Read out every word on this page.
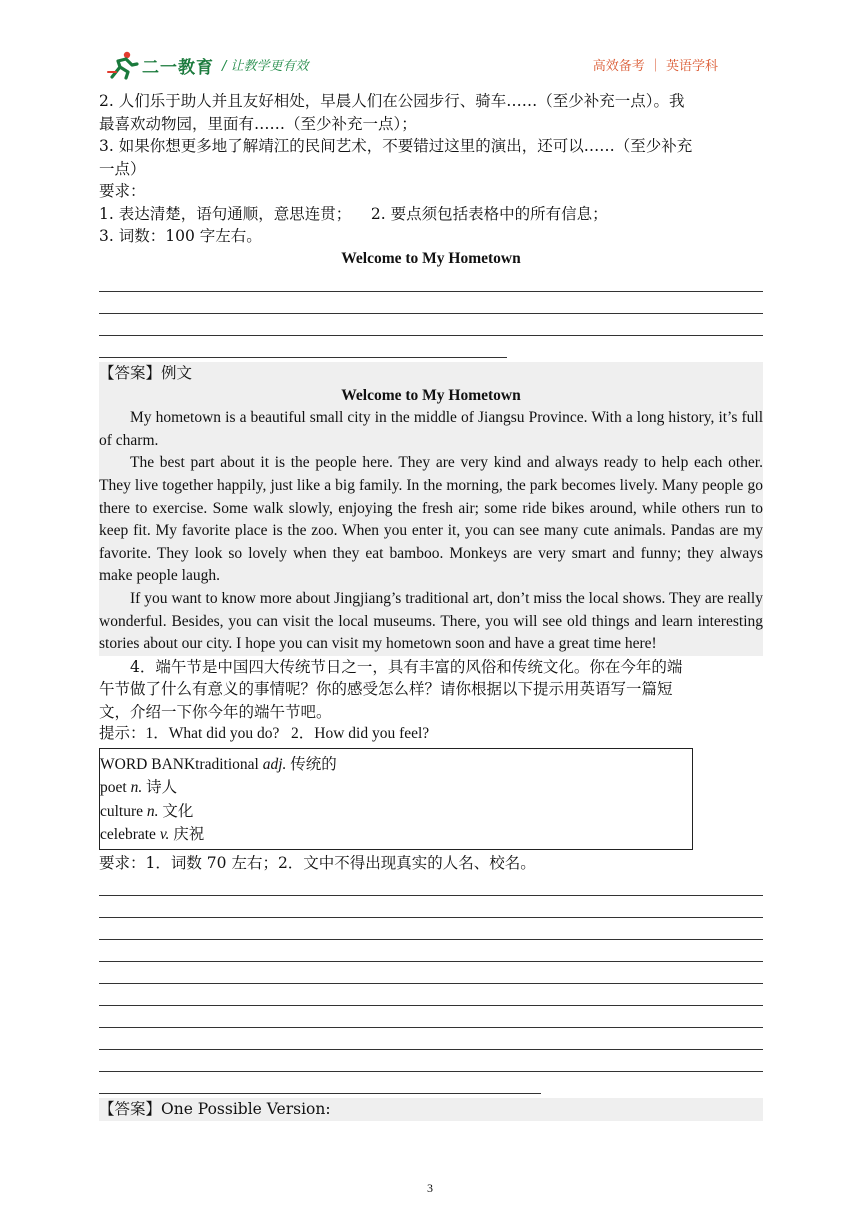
二一教育 / 让教学更有效	高效备考 ｜ 英语学科

2. 人们乐于助人并且友好相处，早晨人们在公园步行、骑车……（至少补充一点）。我

最喜欢动物园，里面有……（至少补充一点）；

3. 如果你想更多地了解靖江的民间艺术，不要错过这里的演出，还可以……（至少补充

一点）

要求：

1. 表达清楚，语句通顺，意思连贯；    2. 要点须包括表格中的所有信息；

3. 词数：100 字左右。

Welcome to My Hometown

【答案】例文

Welcome to My Hometown

My hometown is a beautiful small city in the middle of Jiangsu Province. With a long history, it’s full of charm.

The best part about it is the people here. They are very kind and always ready to help each other. They live together happily, just like a big family. In the morning, the park becomes lively. Many people go there to exercise. Some walk slowly, enjoying the fresh air; some ride bikes around, while others run to keep fit. My favorite place is the zoo. When you enter it, you can see many cute animals. Pandas are my favorite. They look so lovely when they eat bamboo. Monkeys are very smart and funny; they always make people laugh.

If you want to know more about Jingjiang’s traditional art, don’t miss the local shows. They are really wonderful. Besides, you can visit the local museums. There, you will see old things and learn interesting stories about our city. I hope you can visit my hometown soon and have a great time here!

4．端午节是中国四大传统节日之一，具有丰富的风俗和传统文化。你在今年的端

午节做了什么有意义的事情呢？你的感受怎么样？请你根据以下提示用英语写一篇短

文，介绍一下你今年的端午节吧。

提示：1．What did you do?   2．How did you feel?

WORD BANKtraditional adj. 传统的
poet n. 诗人
culture n. 文化
celebrate v. 庆祝

要求：1．词数 70 左右；2．文中不得出现真实的人名、校名。

【答案】One Possible Version:

3
